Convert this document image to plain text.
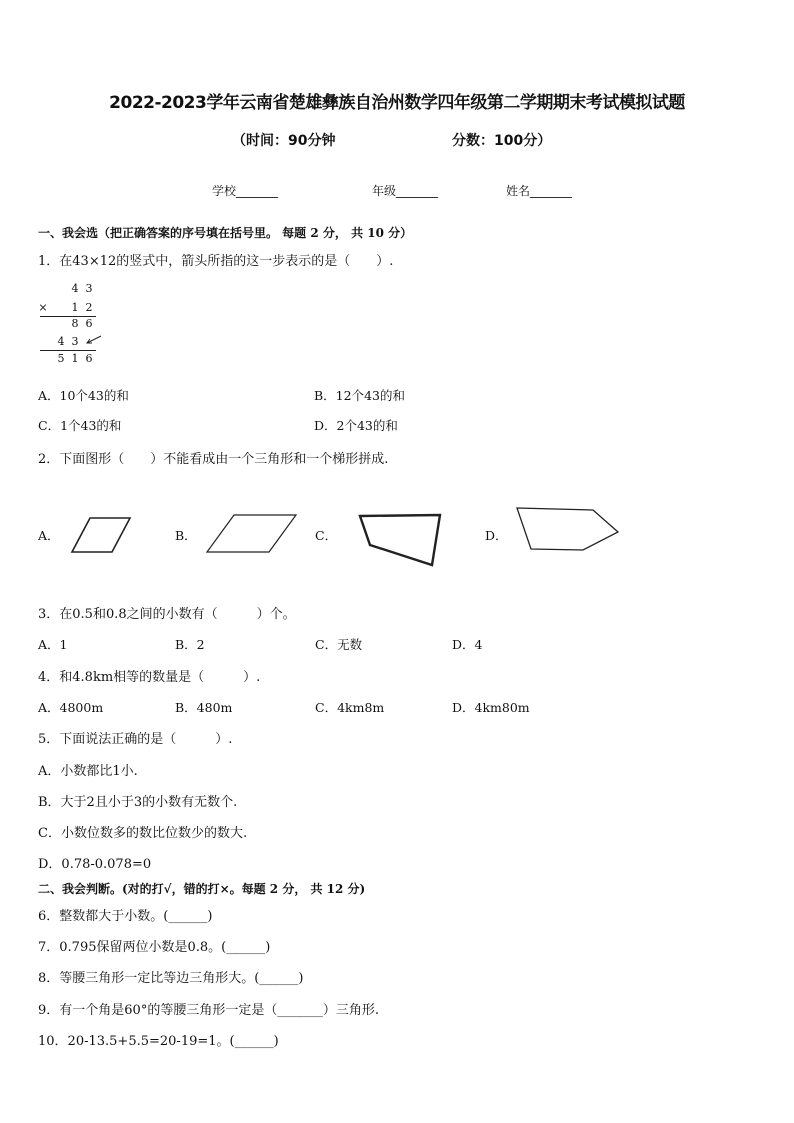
2022-2023学年云南省楚雄彝族自治州数学四年级第二学期期末考试模拟试题
（时间：90分钟	分数：100分）
学校_______	年级_______	姓名_______
一、我会选（把正确答案的序号填在括号里。 每题 2 分， 共 10 分）
1．在43×12的竖式中，箭头所指的这一步表示的是（　　）.
4 3
× 1 2
8 6
4 3
5 1 6
A．10个43的和	B．12个43的和
C．1个43的和	D．2个43的和
2．下面图形（　　）不能看成由一个三角形和一个梯形拼成.
A．	B．	C．	D．
3．在0.5和0.8之间的小数有（　　　）个。
A．1	B．2	C．无数	D．4
4．和4.8km相等的数量是（　　　）.
A．4800m	B．480m	C．4km8m	D．4km80m
5．下面说法正确的是（　　　）.
A．小数都比1小.
B．大于2且小于3的小数有无数个.
C．小数位数多的数比位数少的数大.
D．0.78-0.078=0
二、我会判断。(对的打√，错的打×。每题 2 分， 共 12 分)
6．整数都大于小数。(______)
7．0.795保留两位小数是0.8。(______)
8．等腰三角形一定比等边三角形大。(______)
9．有一个角是60°的等腰三角形一定是（_______）三角形.
10．20-13.5+5.5=20-19=1。(______)
